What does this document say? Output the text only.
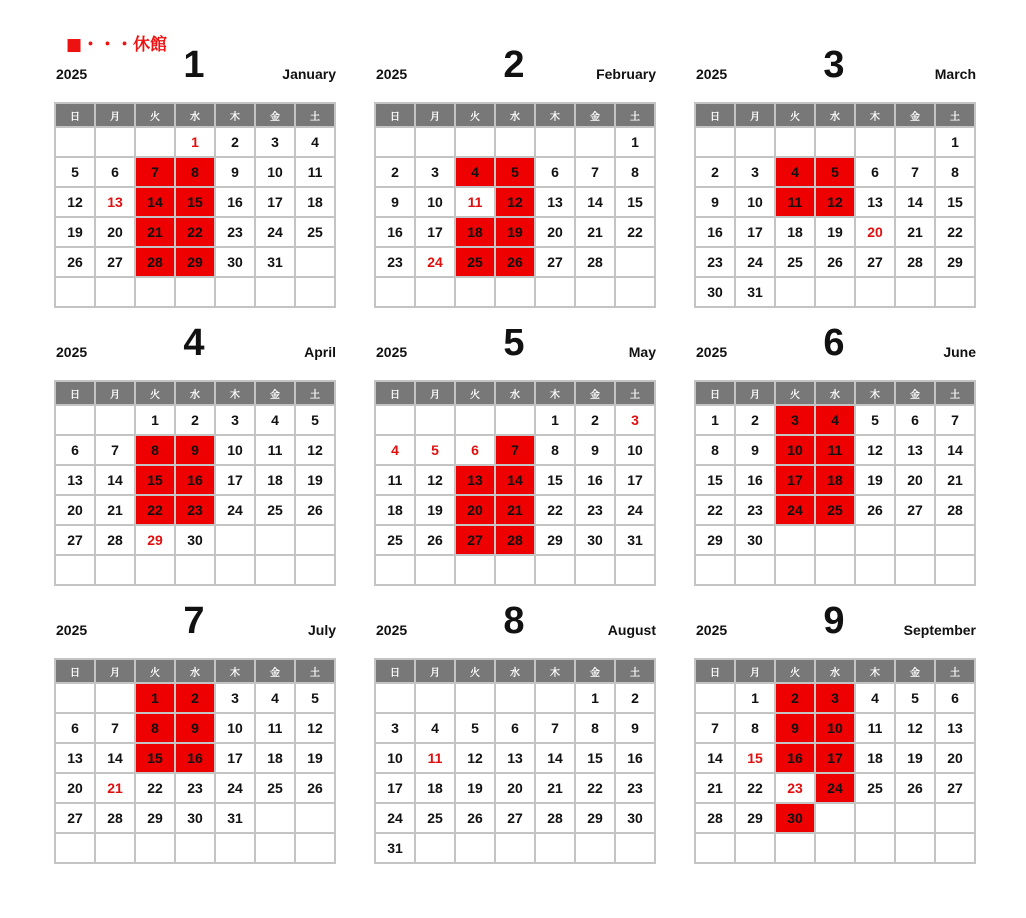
■・・・休館
2025	1	January
日	月	火	水	木	金	土
			1	2	3	4
5	6	7	8	9	10	11
12	13	14	15	16	17	18
19	20	21	22	23	24	25
26	27	28	29	30	31	

2025	2	February
日	月	火	水	木	金	土
						1
2	3	4	5	6	7	8
9	10	11	12	13	14	15
16	17	18	19	20	21	22
23	24	25	26	27	28	

2025	3	March
日	月	火	水	木	金	土
						1
2	3	4	5	6	7	8
9	10	11	12	13	14	15
16	17	18	19	20	21	22
23	24	25	26	27	28	29
30	31					
2025	4	April
日	月	火	水	木	金	土
		1	2	3	4	5
6	7	8	9	10	11	12
13	14	15	16	17	18	19
20	21	22	23	24	25	26
27	28	29	30			

2025	5	May
日	月	火	水	木	金	土
				1	2	3
4	5	6	7	8	9	10
11	12	13	14	15	16	17
18	19	20	21	22	23	24
25	26	27	28	29	30	31

2025	6	June
日	月	火	水	木	金	土
1	2	3	4	5	6	7
8	9	10	11	12	13	14
15	16	17	18	19	20	21
22	23	24	25	26	27	28
29	30					

2025	7	July
日	月	火	水	木	金	土
		1	2	3	4	5
6	7	8	9	10	11	12
13	14	15	16	17	18	19
20	21	22	23	24	25	26
27	28	29	30	31		

2025	8	August
日	月	火	水	木	金	土
					1	2
3	4	5	6	7	8	9
10	11	12	13	14	15	16
17	18	19	20	21	22	23
24	25	26	27	28	29	30
31						
2025	9	September
日	月	火	水	木	金	土
	1	2	3	4	5	6
7	8	9	10	11	12	13
14	15	16	17	18	19	20
21	22	23	24	25	26	27
28	29	30				
